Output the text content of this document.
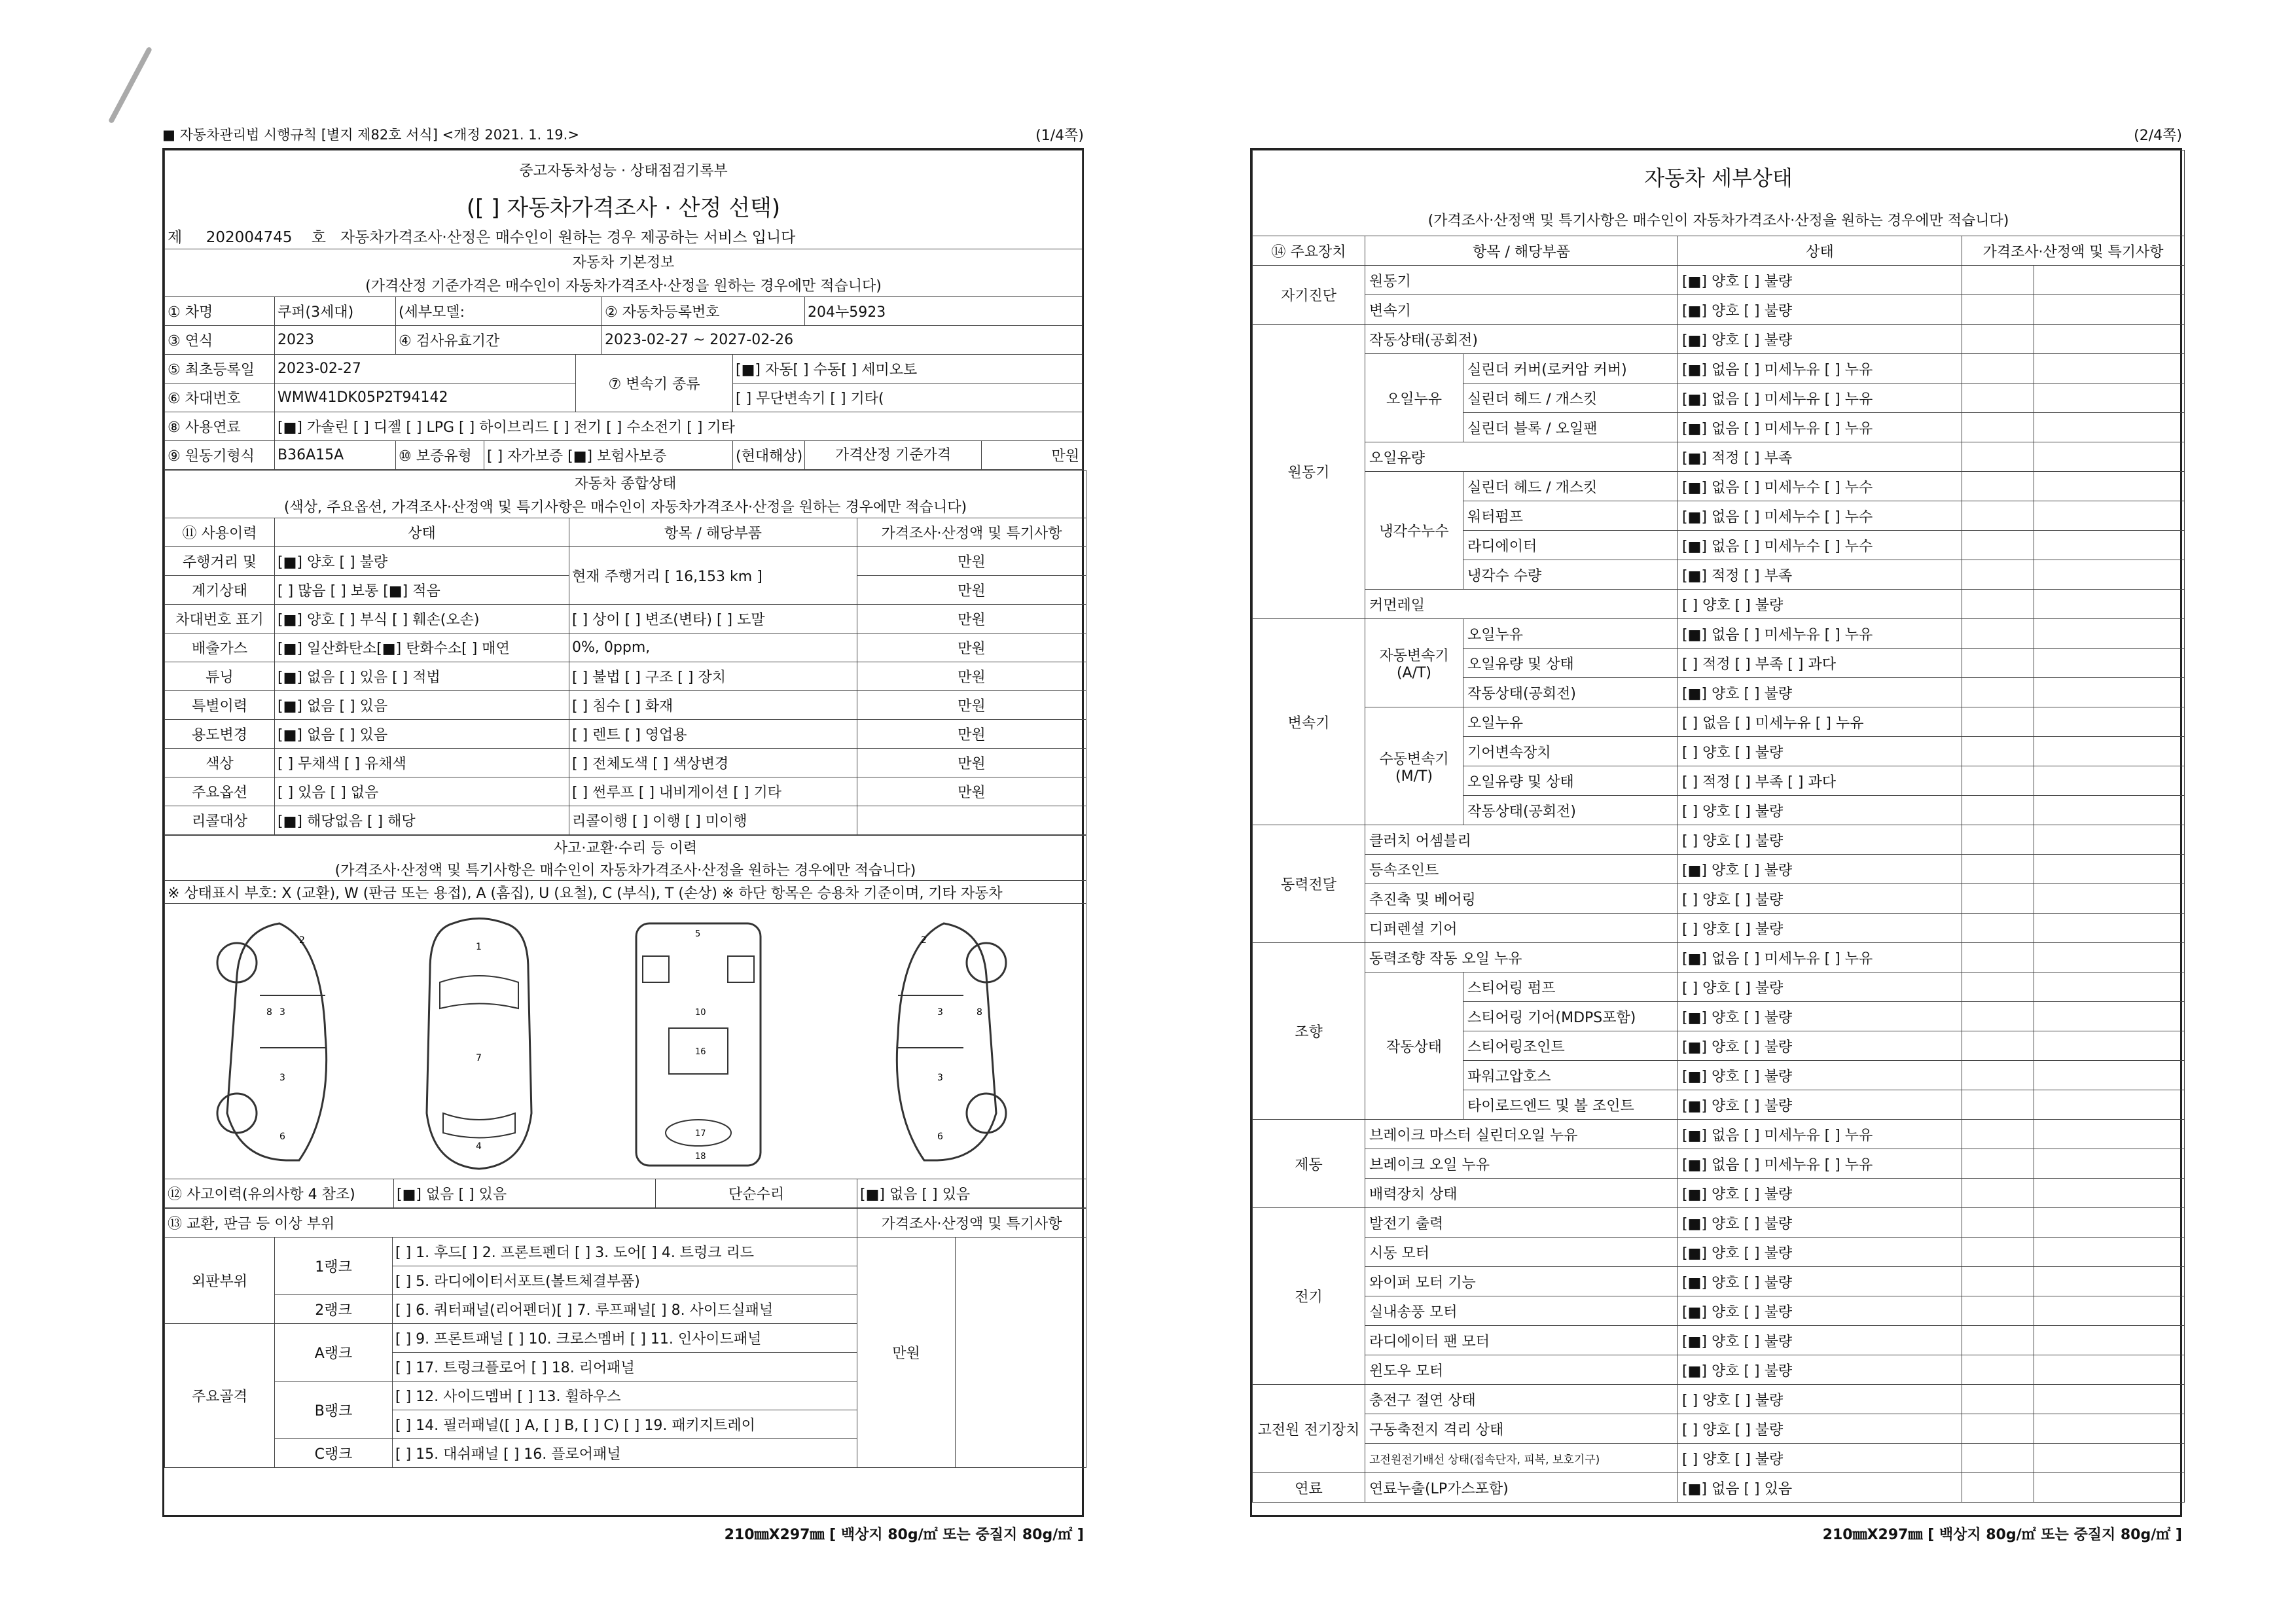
■ 자동차관리법 시행규칙 [별지 제82호 서식] <개정 2021. 1. 19.>	(1/4쪽)
중고자동차성능 · 상태점검기록부								
([ ] 자동차가격조사 · 산정 선택)								
제 202004745 호 자동차가격조사·산정은 매수인이 원하는 경우 제공하는 서비스 입니다								
자동차 기본정보								
(가격산정 기준가격은 매수인이 자동차가격조사·산정을 원하는 경우에만 적습니다)								
① 차명	쿠퍼(3세대)	(세부모델:			② 자동차등록번호		204누5923	
③ 연식	2023	④ 검사유효기간			2023-02-27 ~ 2027-02-26			
⑤ 최초등록일	2023-02-27			⑦ 변속기 종류		[■] 자동[ ] 수동[ ] 세미오토		
⑥ 차대번호	WMW41DK05P2T94142					[ ] 무단변속기 [ ] 기타(		
⑧ 사용연료	[■] 가솔린 [ ] 디젤 [ ] LPG [ ] 하이브리드 [ ] 전기 [ ] 수소전기 [ ] 기타							
⑨ 원동기형식	B36A15A	⑩ 보증유형	[ ] 자가보증 [■] 보험사보증			(현대해상)	가격산정 기준가격	만원
자동차 종합상태			
(색상, 주요옵션, 가격조사·산정액 및 특기사항은 매수인이 자동차가격조사·산정을 원하는 경우에만 적습니다)			
⑪ 사용이력	상태	항목 / 해당부품	가격조사·산정액 및 특기사항
주행거리 및	[■] 양호 [ ] 불량	현재 주행거리 [ 16,153 km ]	만원
계기상태	[ ] 많음 [ ] 보통 [■] 적음		만원
차대번호 표기	[■] 양호 [ ] 부식 [ ] 훼손(오손)	[ ] 상이 [ ] 변조(변타) [ ] 도말	만원
배출가스	[■] 일산화탄소[■] 탄화수소[ ] 매연	0%, 0ppm,	만원
튜닝	[■] 없음 [ ] 있음 [ ] 적법	[ ] 불법 [ ] 구조 [ ] 장치	만원
특별이력	[■] 없음 [ ] 있음	[ ] 침수 [ ] 화재	만원
용도변경	[■] 없음 [ ] 있음	[ ] 렌트 [ ] 영업용	만원
색상	[ ] 무채색 [ ] 유채색	[ ] 전체도색 [ ] 색상변경	만원
주요옵션	[ ] 있음 [ ] 없음	[ ] 썬루프 [ ] 내비게이션 [ ] 기타	만원
리콜대상	[■] 해당없음 [ ] 해당	리콜이행 [ ] 이행 [ ] 미이행	
사고·교환·수리 등 이력
(가격조사·산정액 및 특기사항은 매수인이 자동차가격조사·산정을 원하는 경우에만 적습니다)
※ 상태표시 부호: X (교환), W (판금 또는 용접), A (흠집), U (요철), C (부식), T (손상) ※ 하단 항목은 승용차 기준이며, 기타 자동차

2
3
3
6
8
1
7
4
5
10
16
17
18
2
3
3
6
8

⑫ 사고이력(유의사항 4 참조)	[■] 없음 [ ] 있음	단순수리	[■] 없음 [ ] 있음
⑬ 교환, 판금 등 이상 부위			가격조사·산정액 및 특기사항	
외판부위	1랭크	[ ] 1. 후드[ ] 2. 프론트펜더 [ ] 3. 도어[ ] 4. 트렁크 리드	만원	
		[ ] 5. 라디에이터서포트(볼트체결부품)		
	2랭크	[ ] 6. 쿼터패널(리어펜더)[ ] 7. 루프패널[ ] 8. 사이드실패널		
주요골격	A랭크	[ ] 9. 프론트패널 [ ] 10. 크로스멤버 [ ] 11. 인사이드패널		
		[ ] 17. 트렁크플로어 [ ] 18. 리어패널		
	B랭크	[ ] 12. 사이드멤버 [ ] 13. 휠하우스		
		[ ] 14. 필러패널([ ] A, [ ] B, [ ] C) [ ] 19. 패키지트레이		
	C랭크	[ ] 15. 대쉬패널 [ ] 16. 플로어패널		
210㎜X297㎜ [ 백상지 80g/㎡ 또는 중질지 80g/㎡ ]
(2/4쪽)
자동차 세부상태					
(가격조사·산정액 및 특기사항은 매수인이 자동차가격조사·산정을 원하는 경우에만 적습니다)					
⑭ 주요장치	항목 / 해당부품		상태	가격조사·산정액 및 특기사항	
자기진단	원동기		[■] 양호 [ ] 불량		
	변속기		[■] 양호 [ ] 불량		
원동기	작동상태(공회전)		[■] 양호 [ ] 불량		
	오일누유	실린더 커버(로커암 커버)	[■] 없음 [ ] 미세누유 [ ] 누유		
		실린더 헤드 / 개스킷	[■] 없음 [ ] 미세누유 [ ] 누유		
		실린더 블록 / 오일팬	[■] 없음 [ ] 미세누유 [ ] 누유		
	오일유량		[■] 적정 [ ] 부족		
	냉각수누수	실린더 헤드 / 개스킷	[■] 없음 [ ] 미세누수 [ ] 누수		
		워터펌프	[■] 없음 [ ] 미세누수 [ ] 누수		
		라디에이터	[■] 없음 [ ] 미세누수 [ ] 누수		
		냉각수 수량	[■] 적정 [ ] 부족		
	커먼레일		[ ] 양호 [ ] 불량		
변속기	자동변속기 (A/T)	오일누유	[■] 없음 [ ] 미세누유 [ ] 누유		
		오일유량 및 상태	[ ] 적정 [ ] 부족 [ ] 과다		
		작동상태(공회전)	[■] 양호 [ ] 불량		
	수동변속기 (M/T)	오일누유	[ ] 없음 [ ] 미세누유 [ ] 누유		
		기어변속장치	[ ] 양호 [ ] 불량		
		오일유량 및 상태	[ ] 적정 [ ] 부족 [ ] 과다		
		작동상태(공회전)	[ ] 양호 [ ] 불량		
동력전달	클러치 어셈블리		[ ] 양호 [ ] 불량		
	등속조인트		[■] 양호 [ ] 불량		
	추진축 및 베어링		[ ] 양호 [ ] 불량		
	디퍼렌셜 기어		[ ] 양호 [ ] 불량		
조향	동력조향 작동 오일 누유		[■] 없음 [ ] 미세누유 [ ] 누유		
	작동상태	스티어링 펌프	[ ] 양호 [ ] 불량		
		스티어링 기어(MDPS포함)	[■] 양호 [ ] 불량		
		스티어링조인트	[■] 양호 [ ] 불량		
		파워고압호스	[■] 양호 [ ] 불량		
		타이로드엔드 및 볼 조인트	[■] 양호 [ ] 불량		
제동	브레이크 마스터 실린더오일 누유		[■] 없음 [ ] 미세누유 [ ] 누유		
	브레이크 오일 누유		[■] 없음 [ ] 미세누유 [ ] 누유		
	배력장치 상태		[■] 양호 [ ] 불량		
전기	발전기 출력		[■] 양호 [ ] 불량		
	시동 모터		[■] 양호 [ ] 불량		
	와이퍼 모터 기능		[■] 양호 [ ] 불량		
	실내송풍 모터		[■] 양호 [ ] 불량		
	라디에이터 팬 모터		[■] 양호 [ ] 불량		
	윈도우 모터		[■] 양호 [ ] 불량		
고전원 전기장치	충전구 절연 상태		[ ] 양호 [ ] 불량		
	구동축전지 격리 상태		[ ] 양호 [ ] 불량		
	고전원전기배선 상태(접속단자, 피복, 보호기구)		[ ] 양호 [ ] 불량		
연료	연료누출(LP가스포함)		[■] 없음 [ ] 있음		
210㎜X297㎜ [ 백상지 80g/㎡ 또는 중질지 80g/㎡ ]
